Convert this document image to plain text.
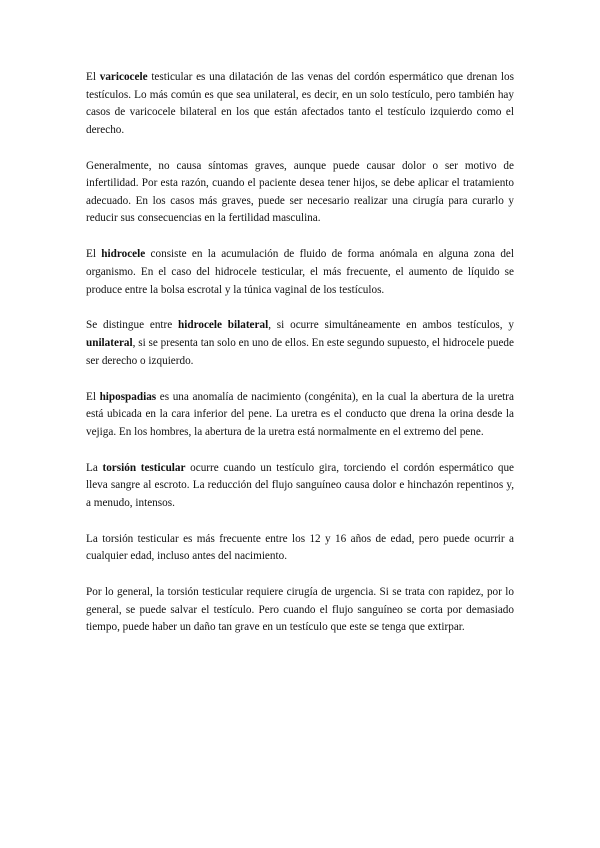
El varicocele testicular es una dilatación de las venas del cordón espermático que drenan los testículos. Lo más común es que sea unilateral, es decir, en un solo testículo, pero también hay casos de varicocele bilateral en los que están afectados tanto el testículo izquierdo como el derecho.

Generalmente, no causa síntomas graves, aunque puede causar dolor o ser motivo de infertilidad. Por esta razón, cuando el paciente desea tener hijos, se debe aplicar el tratamiento adecuado. En los casos más graves, puede ser necesario realizar una cirugía para curarlo y reducir sus consecuencias en la fertilidad masculina.

El hidrocele consiste en la acumulación de fluido de forma anómala en alguna zona del organismo. En el caso del hidrocele testicular, el más frecuente, el aumento de líquido se produce entre la bolsa escrotal y la túnica vaginal de los testículos.

Se distingue entre hidrocele bilateral, si ocurre simultáneamente en ambos testículos, y unilateral, si se presenta tan solo en uno de ellos. En este segundo supuesto, el hidrocele puede ser derecho o izquierdo.

El hipospadias es una anomalía de nacimiento (congénita), en la cual la abertura de la uretra está ubicada en la cara inferior del pene. La uretra es el conducto que drena la orina desde la vejiga. En los hombres, la abertura de la uretra está normalmente en el extremo del pene.

La torsión testicular ocurre cuando un testículo gira, torciendo el cordón espermático que lleva sangre al escroto. La reducción del flujo sanguíneo causa dolor e hinchazón repentinos y, a menudo, intensos.

La torsión testicular es más frecuente entre los 12 y 16 años de edad, pero puede ocurrir a cualquier edad, incluso antes del nacimiento.

Por lo general, la torsión testicular requiere cirugía de urgencia. Si se trata con rapidez, por lo general, se puede salvar el testículo. Pero cuando el flujo sanguíneo se corta por demasiado tiempo, puede haber un daño tan grave en un testículo que este se tenga que extirpar.
